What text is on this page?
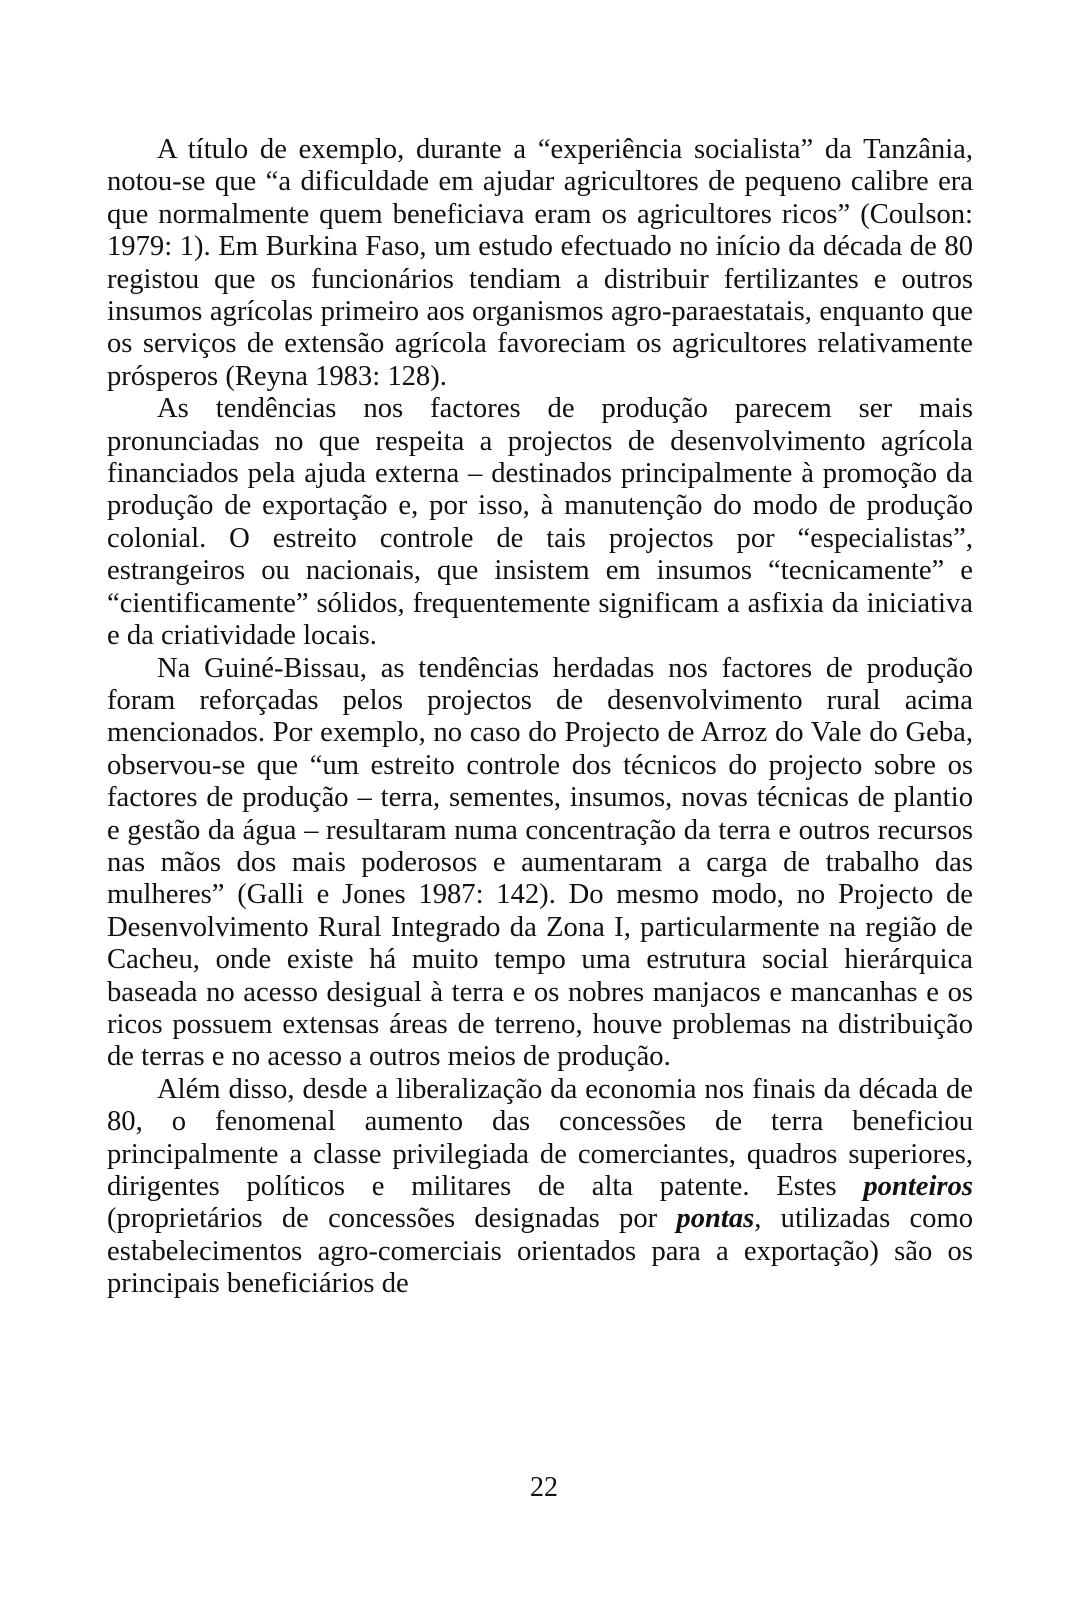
A título de exemplo, durante a “experiência socialista” da Tanzânia, notou-se que “a dificuldade em ajudar agricultores de pequeno calibre era que normalmente quem beneficiava eram os agricultores ricos” (Coulson: 1979: 1). Em Burkina Faso, um estudo efectuado no início da década de 80 registou que os funcionários tendiam a distribuir fertilizantes e outros insumos agrícolas primeiro aos organismos agro-paraestatais, enquanto que os serviços de extensão agrícola favoreciam os agricultores relativamente prósperos (Reyna 1983: 128).

As tendências nos factores de produção parecem ser mais pronunciadas no que respeita a projectos de desenvolvimento agrícola financiados pela ajuda externa – destinados principalmente à promoção da produção de exportação e, por isso, à manutenção do modo de produção colonial. O estreito controle de tais projectos por “especialistas”, estrangeiros ou nacionais, que insistem em insumos “tecnicamente” e “cientificamente” sólidos, frequentemente significam a asfixia da iniciativa e da criatividade locais.

Na Guiné-Bissau, as tendências herdadas nos factores de produção foram reforçadas pelos projectos de desenvolvimento rural acima mencionados. Por exemplo, no caso do Projecto de Arroz do Vale do Geba, observou-se que “um estreito controle dos técnicos do projecto sobre os factores de produção – terra, sementes, insumos, novas técnicas de plantio e gestão da água – resultaram numa concentração da terra e outros recursos nas mãos dos mais poderosos e aumentaram a carga de trabalho das mulheres” (Galli e Jones 1987: 142). Do mesmo modo, no Projecto de Desenvolvimento Rural Integrado da Zona I, particularmente na região de Cacheu, onde existe há muito tempo uma estrutura social hierárquica baseada no acesso desigual à terra e os nobres manjacos e mancanhas e os ricos possuem extensas áreas de terreno, houve problemas na distribuição de terras e no acesso a outros meios de produção.

Além disso, desde a liberalização da economia nos finais da década de 80, o fenomenal aumento das concessões de terra beneficiou principalmente a classe privilegiada de comerciantes, quadros superiores, dirigentes políticos e militares de alta patente. Estes ponteiros (proprietários de concessões designadas por pontas, utilizadas como estabelecimentos agro-comerciais orientados para a exportação) são os principais beneficiários de

22
